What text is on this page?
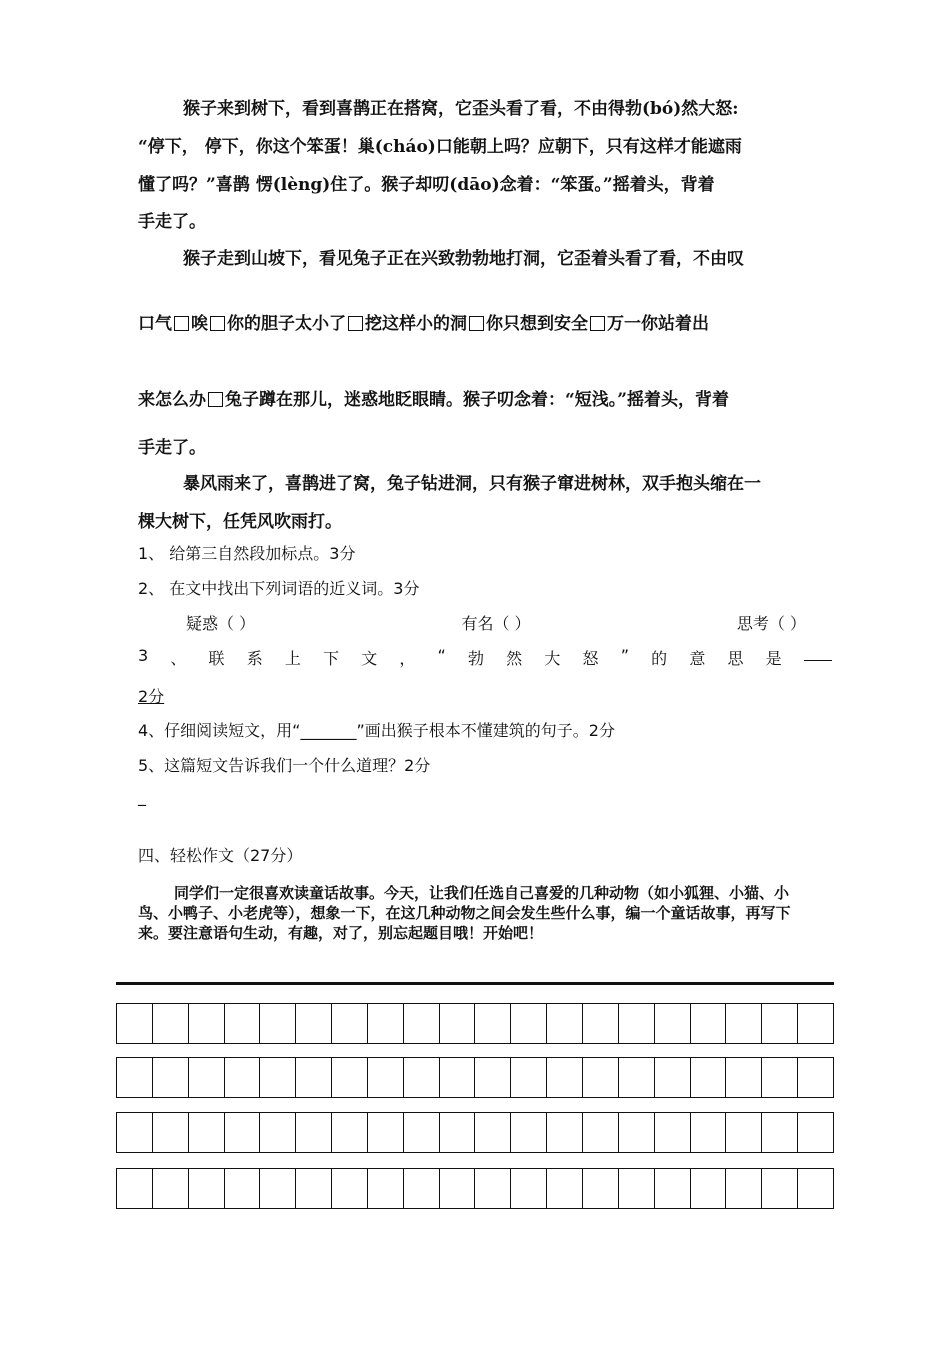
猴子来到树下，看到喜鹊正在搭窝，它歪头看了看，不由得勃(bó)然大怒:
“停下， 停下，你这个笨蛋！巢(cháo)口能朝上吗？应朝下，只有这样才能遮雨
懂了吗？”喜鹊 愣(lèng)住了。猴子却叨(dāo)念着：“笨蛋。”摇着头，背着
手走了。
猴子走到山坡下，看见兔子正在兴致勃勃地打洞，它歪着头看了看，不由叹
口气 唉 你的胆子太小了 挖这样小的洞 你只想到安全 万一你站着出
来怎么办 兔子蹲在那儿，迷惑地眨眼睛。猴子叨念着：“短浅。”摇着头，背着
手走了。
暴风雨来了，喜鹊进了窝，兔子钻进洞，只有猴子窜进树林，双手抱头缩在一
棵大树下，任凭风吹雨打。
1、 给第三自然段加标点。3分
2、 在文中找出下列词语的近义词。3分
疑惑（ ）	有名（ ）	思考（ ）
3 、 联 系 上 下 文 ， “ 勃 然 大 怒 ” 的 意 思 是
2分
4、仔细阅读短文，用“_______”画出猴子根本不懂建筑的句子。2分
5、这篇短文告诉我们一个什么道理？2分
_
四、轻松作文（27分）
同学们一定很喜欢读童话故事。今天，让我们任选自己喜爱的几种动物（如小狐狸、小猫、小鸟、小鸭子、小老虎等），想象一下，在这几种动物之间会发生些什么事，编一个童话故事，再写下来。要注意语句生动，有趣，对了，别忘起题目哦！开始吧！
